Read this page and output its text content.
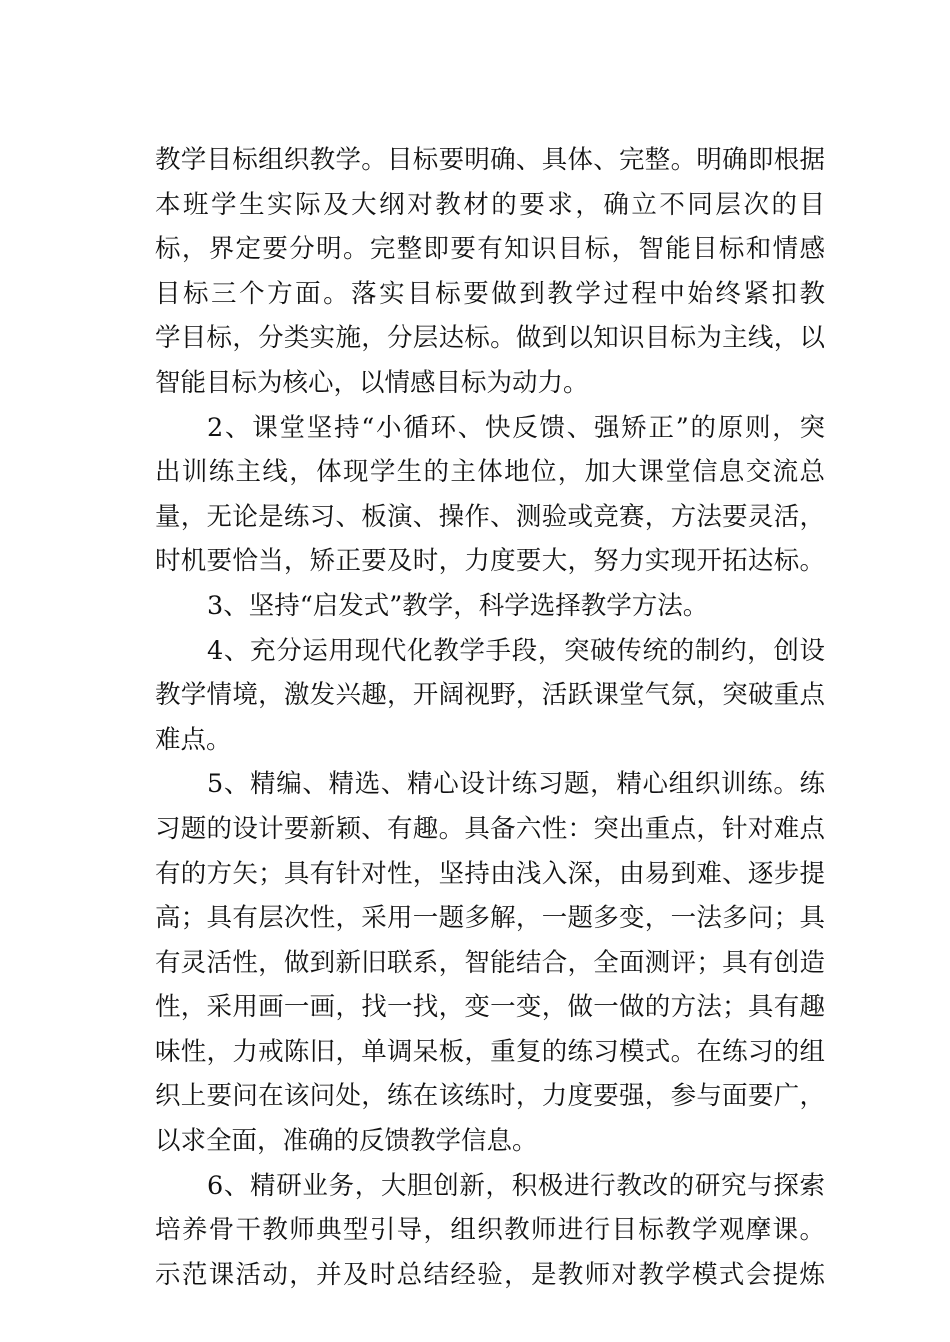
教学目标组织教学。目标要明确、具体、完整。明确即根据
本班学生实际及大纲对教材的要求，确立不同层次的目
标，界定要分明。完整即要有知识目标，智能目标和情感
目标三个方面。落实目标要做到教学过程中始终紧扣教
学目标，分类实施，分层达标。做到以知识目标为主线，以
智能目标为核心，以情感目标为动力。
2、课堂坚持“小循环、快反馈、强矫正”的原则，突
出训练主线，体现学生的主体地位，加大课堂信息交流总
量，无论是练习、板演、操作、测验或竞赛，方法要灵活，
时机要恰当，矫正要及时，力度要大，努力实现开拓达标。
3、坚持“启发式”教学，科学选择教学方法。
4、充分运用现代化教学手段，突破传统的制约，创设
教学情境，激发兴趣，开阔视野，活跃课堂气氛，突破重点
难点。
5、精编、精选、精心设计练习题，精心组织训练。练
习题的设计要新颖、有趣。具备六性：突出重点，针对难点
有的方矢；具有针对性，坚持由浅入深，由易到难、逐步提
高；具有层次性，采用一题多解，一题多变，一法多问；具
有灵活性，做到新旧联系，智能结合，全面测评；具有创造
性，采用画一画，找一找，变一变，做一做的方法；具有趣
味性，力戒陈旧，单调呆板，重复的练习模式。在练习的组
织上要问在该问处，练在该练时，力度要强，参与面要广，
以求全面，准确的反馈教学信息。
6、精研业务，大胆创新，积极进行教改的研究与探索
培养骨干教师典型引导，组织教师进行目标教学观摩课。
示范课活动，并及时总结经验，是教师对教学模式会提炼
